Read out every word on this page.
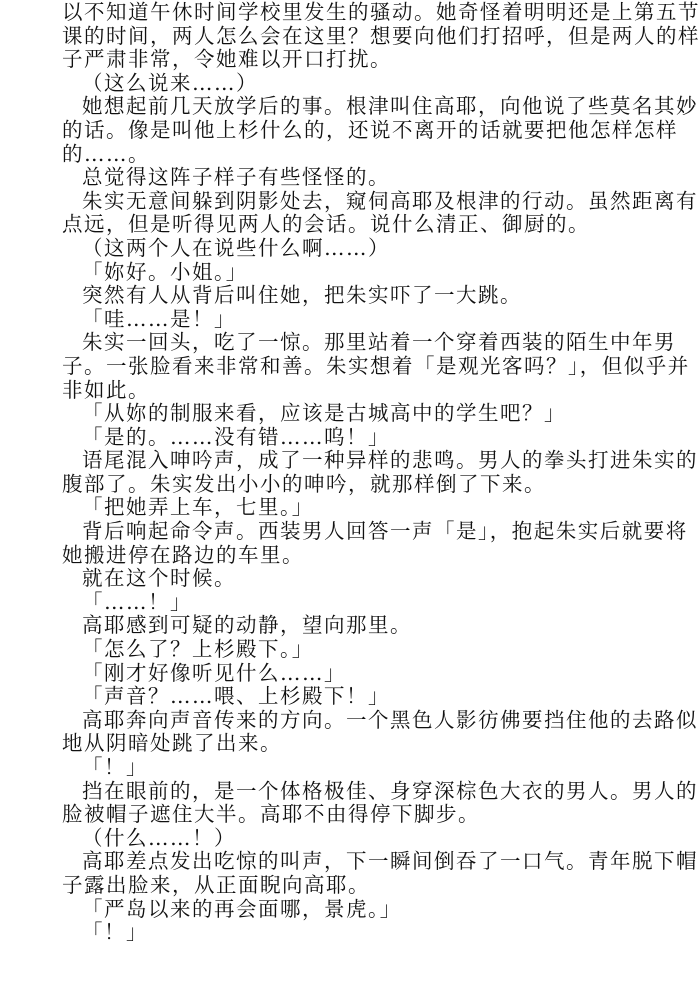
以不知道午休时间学校里发生的骚动。她奇怪着明明还是上第五节
课的时间，两人怎么会在这里？想要向他们打招呼，但是两人的样
子严肃非常，令她难以开口打扰。
（这么说来……）
她想起前几天放学后的事。根津叫住高耶，向他说了些莫名其妙
的话。像是叫他上杉什么的，还说不离开的话就要把他怎样怎样
的……。
总觉得这阵子样子有些怪怪的。
朱实无意间躲到阴影处去，窥伺高耶及根津的行动。虽然距离有
点远，但是听得见两人的会话。说什么清正、御厨的。
（这两个人在说些什么啊……）
「妳好。小姐。」
突然有人从背后叫住她，把朱实吓了一大跳。
「哇……是！」
朱实一回头，吃了一惊。那里站着一个穿着西装的陌生中年男
子。一张脸看来非常和善。朱实想着「是观光客吗？」，但似乎并
非如此。
「从妳的制服来看，应该是古城高中的学生吧？」
「是的。……没有错……呜！」
语尾混入呻吟声，成了一种异样的悲鸣。男人的拳头打进朱实的
腹部了。朱实发出小小的呻吟，就那样倒了下来。
「把她弄上车，七里。」
背后响起命令声。西装男人回答一声「是」，抱起朱实后就要将
她搬进停在路边的车里。
就在这个时候。
「……！」
高耶感到可疑的动静，望向那里。
「怎么了？上杉殿下。」
「刚才好像听见什么……」
「声音？……喂、上杉殿下！」
高耶奔向声音传来的方向。一个黑色人影彷佛要挡住他的去路似
地从阴暗处跳了出来。
「！」
挡在眼前的，是一个体格极佳、身穿深棕色大衣的男人。男人的
脸被帽子遮住大半。高耶不由得停下脚步。
（什么……！）
高耶差点发出吃惊的叫声，下一瞬间倒吞了一口气。青年脱下帽
子露出脸来，从正面睨向高耶。
「严岛以来的再会面哪，景虎。」
「！」
